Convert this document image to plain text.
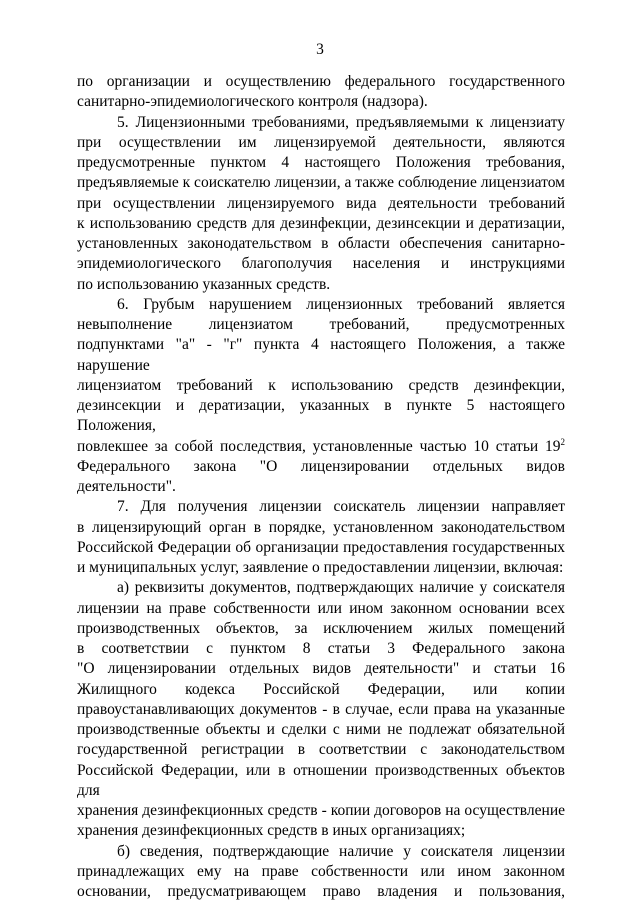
3

по организации и осуществлению федерального государственного
санитарно-эпидемиологического контроля (надзора).

5. Лицензионными требованиями, предъявляемыми к лицензиату
при осуществлении им лицензируемой деятельности, являются
предусмотренные пунктом 4 настоящего Положения требования,
предъявляемые к соискателю лицензии, а также соблюдение лицензиатом
при осуществлении лицензируемого вида деятельности требований
к использованию средств для дезинфекции, дезинсекции и дератизации,
установленных законодательством в области обеспечения санитарно-
эпидемиологического благополучия населения и инструкциями
по использованию указанных средств.

6. Грубым нарушением лицензионных требований является
невыполнение лицензиатом требований, предусмотренных
подпунктами "а" - "г" пункта 4 настоящего Положения, а также нарушение
лицензиатом требований к использованию средств дезинфекции,
дезинсекции и дератизации, указанных в пункте 5 настоящего Положения,
повлекшее за собой последствия, установленные частью 10 статьи $19^2$
Федерального закона "О лицензировании отдельных видов деятельности".

7. Для получения лицензии соискатель лицензии направляет
в лицензирующий орган в порядке, установленном законодательством
Российской Федерации об организации предоставления государственных
и муниципальных услуг, заявление о предоставлении лицензии, включая:

а) реквизиты документов, подтверждающих наличие у соискателя
лицензии на праве собственности или ином законном основании всех
производственных объектов, за исключением жилых помещений
в соответствии с пунктом 8 статьи 3 Федерального закона
"О лицензировании отдельных видов деятельности" и статьи 16
Жилищного кодекса Российской Федерации, или копии
правоустанавливающих документов - в случае, если права на указанные
производственные объекты и сделки с ними не подлежат обязательной
государственной регистрации в соответствии с законодательством
Российской Федерации, или в отношении производственных объектов для
хранения дезинфекционных средств - копии договоров на осуществление
хранения дезинфекционных средств в иных организациях;

б) сведения, подтверждающие наличие у соискателя лицензии
принадлежащих ему на праве собственности или ином законном
основании, предусматривающем право владения и пользования,
